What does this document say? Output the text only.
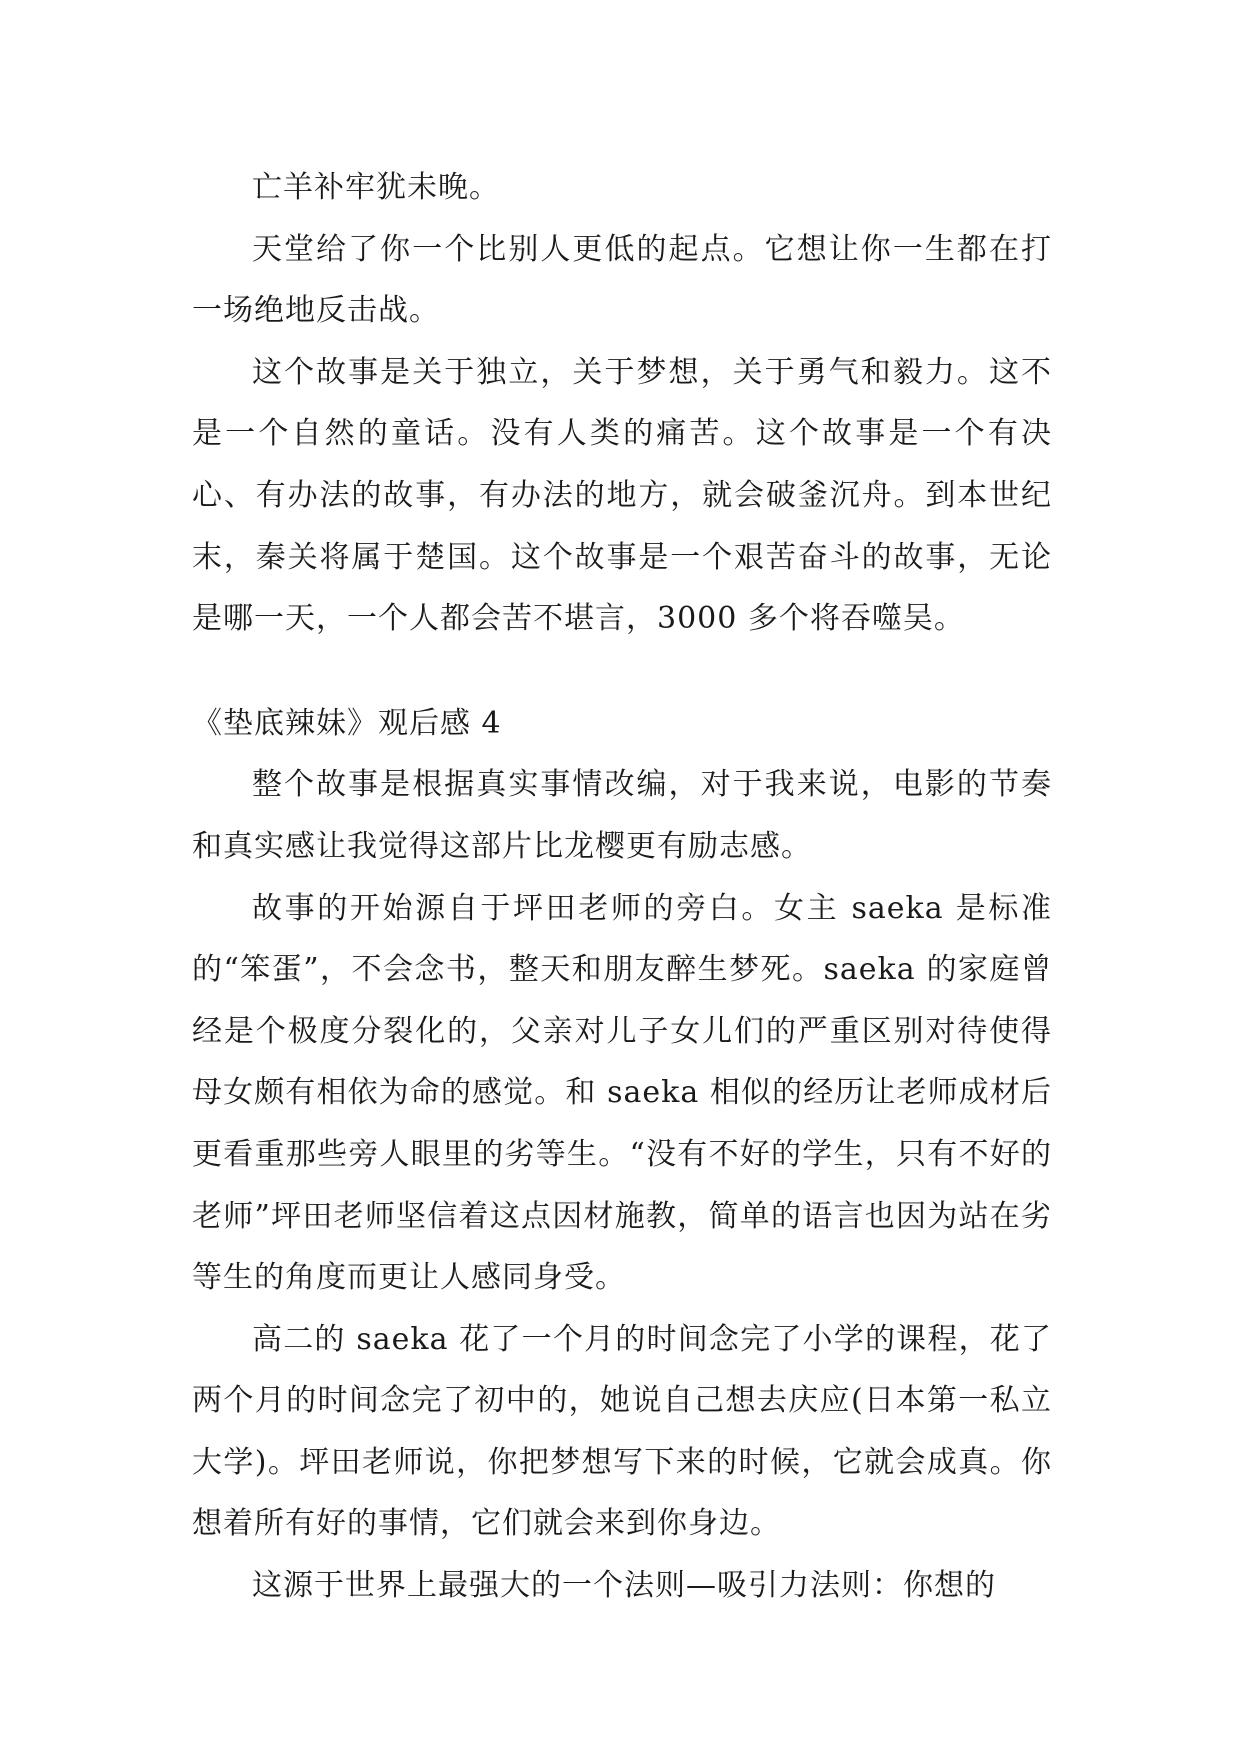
亡羊补牢犹未晚。

天堂给了你一个比别人更低的起点。它想让你一生都在打一场绝地反击战。

这个故事是关于独立，关于梦想，关于勇气和毅力。这不是一个自然的童话。没有人类的痛苦。这个故事是一个有决心、有办法的故事，有办法的地方，就会破釜沉舟。到本世纪末，秦关将属于楚国。这个故事是一个艰苦奋斗的故事，无论是哪一天，一个人都会苦不堪言，3000 多个将吞噬吴。

《垫底辣妹》观后感 4

整个故事是根据真实事情改编，对于我来说，电影的节奏和真实感让我觉得这部片比龙樱更有励志感。

故事的开始源自于坪田老师的旁白。女主 saeka 是标准的“笨蛋”，不会念书，整天和朋友醉生梦死。saeka 的家庭曾经是个极度分裂化的，父亲对儿子女儿们的严重区别对待使得母女颇有相依为命的感觉。和 saeka 相似的经历让老师成材后更看重那些旁人眼里的劣等生。“没有不好的学生，只有不好的老师”坪田老师坚信着这点因材施教，简单的语言也因为站在劣等生的角度而更让人感同身受。

高二的 saeka 花了一个月的时间念完了小学的课程，花了两个月的时间念完了初中的，她说自己想去庆应(日本第一私立大学)。坪田老师说，你把梦想写下来的时候，它就会成真。你想着所有好的事情，它们就会来到你身边。

这源于世界上最强大的一个法则—吸引力法则：你想的
